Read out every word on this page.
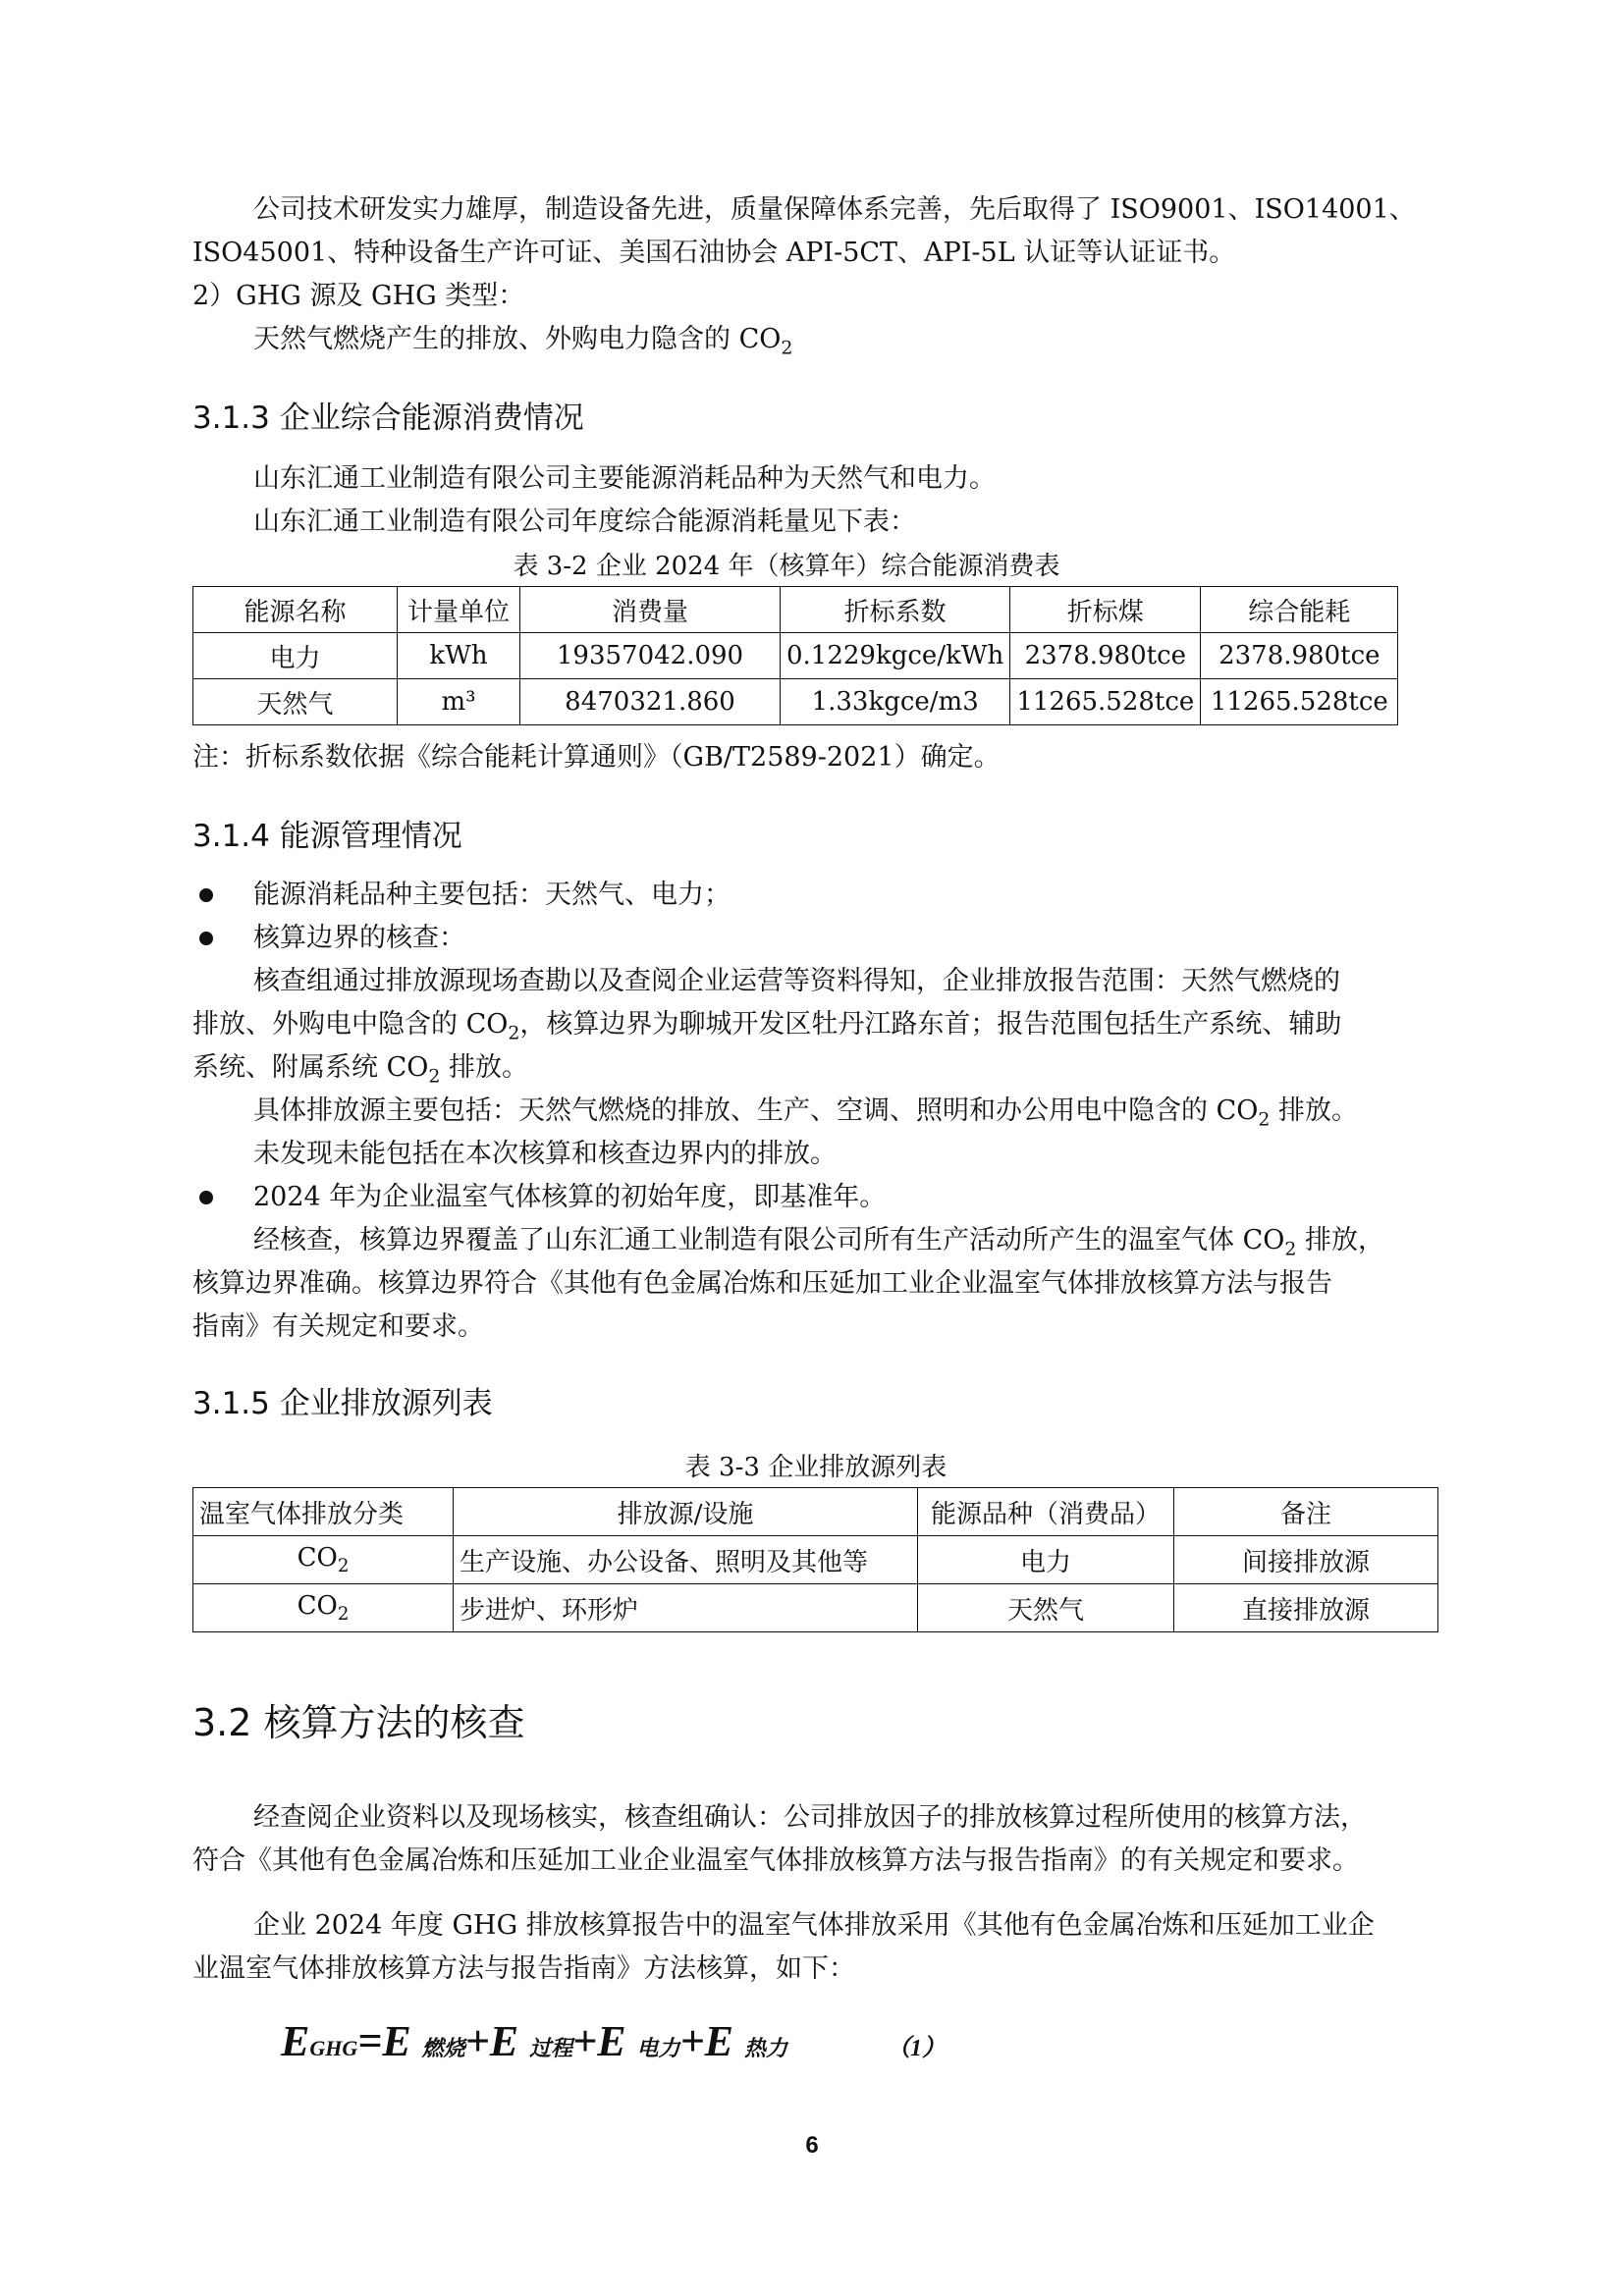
公司技术研发实力雄厚，制造设备先进，质量保障体系完善，先后取得了 ISO9001、ISO14001、
ISO45001、特种设备生产许可证、美国石油协会 API-5CT、API-5L 认证等认证证书。
2）GHG 源及 GHG 类型：
天然气燃烧产生的排放、外购电力隐含的 $CO_2$
3.1.3 企业综合能源消费情况
山东汇通工业制造有限公司主要能源消耗品种为天然气和电力。
山东汇通工业制造有限公司年度综合能源消耗量见下表：
表 3-2 企业 2024 年（核算年）综合能源消费表
能源名称	计量单位	消费量	折标系数	折标煤	综合能耗
电力	kWh	19357042.090	0.1229kgce/kWh	2378.980tce	2378.980tce
天然气	m³	8470321.860	1.33kgce/m3	11265.528tce	11265.528tce
注：折标系数依据《综合能耗计算通则》（GB/T2589-2021）确定。
3.1.4 能源管理情况
能源消耗品种主要包括：天然气、电力；
核算边界的核查：
核查组通过排放源现场查勘以及查阅企业运营等资料得知，企业排放报告范围：天然气燃烧的
排放、外购电中隐含的 $CO_2$，核算边界为聊城开发区牡丹江路东首；报告范围包括生产系统、辅助
系统、附属系统 $CO_2$ 排放。
具体排放源主要包括：天然气燃烧的排放、生产、空调、照明和办公用电中隐含的 $CO_2$ 排放。
未发现未能包括在本次核算和核查边界内的排放。
2024 年为企业温室气体核算的初始年度，即基准年。
经核查，核算边界覆盖了山东汇通工业制造有限公司所有生产活动所产生的温室气体 $CO_2$ 排放，
核算边界准确。核算边界符合《其他有色金属冶炼和压延加工业企业温室气体排放核算方法与报告
指南》有关规定和要求。
3.1.5 企业排放源列表
表 3-3 企业排放源列表
温室气体排放分类	排放源/设施	能源品种（消费品）	备注
$CO_2$	生产设施、办公设备、照明及其他等	电力	间接排放源
$CO_2$	步进炉、环形炉	天然气	直接排放源
3.2 核算方法的核查
经查阅企业资料以及现场核实，核查组确认：公司排放因子的排放核算过程所使用的核算方法，
符合《其他有色金属冶炼和压延加工业企业温室气体排放核算方法与报告指南》的有关规定和要求。
企业 2024 年度 GHG 排放核算报告中的温室气体排放采用《其他有色金属冶炼和压延加工业企
业温室气体排放核算方法与报告指南》方法核算，如下：
EGHG=E 燃烧+E 过程+E 电力+E 热力	（1）
6
